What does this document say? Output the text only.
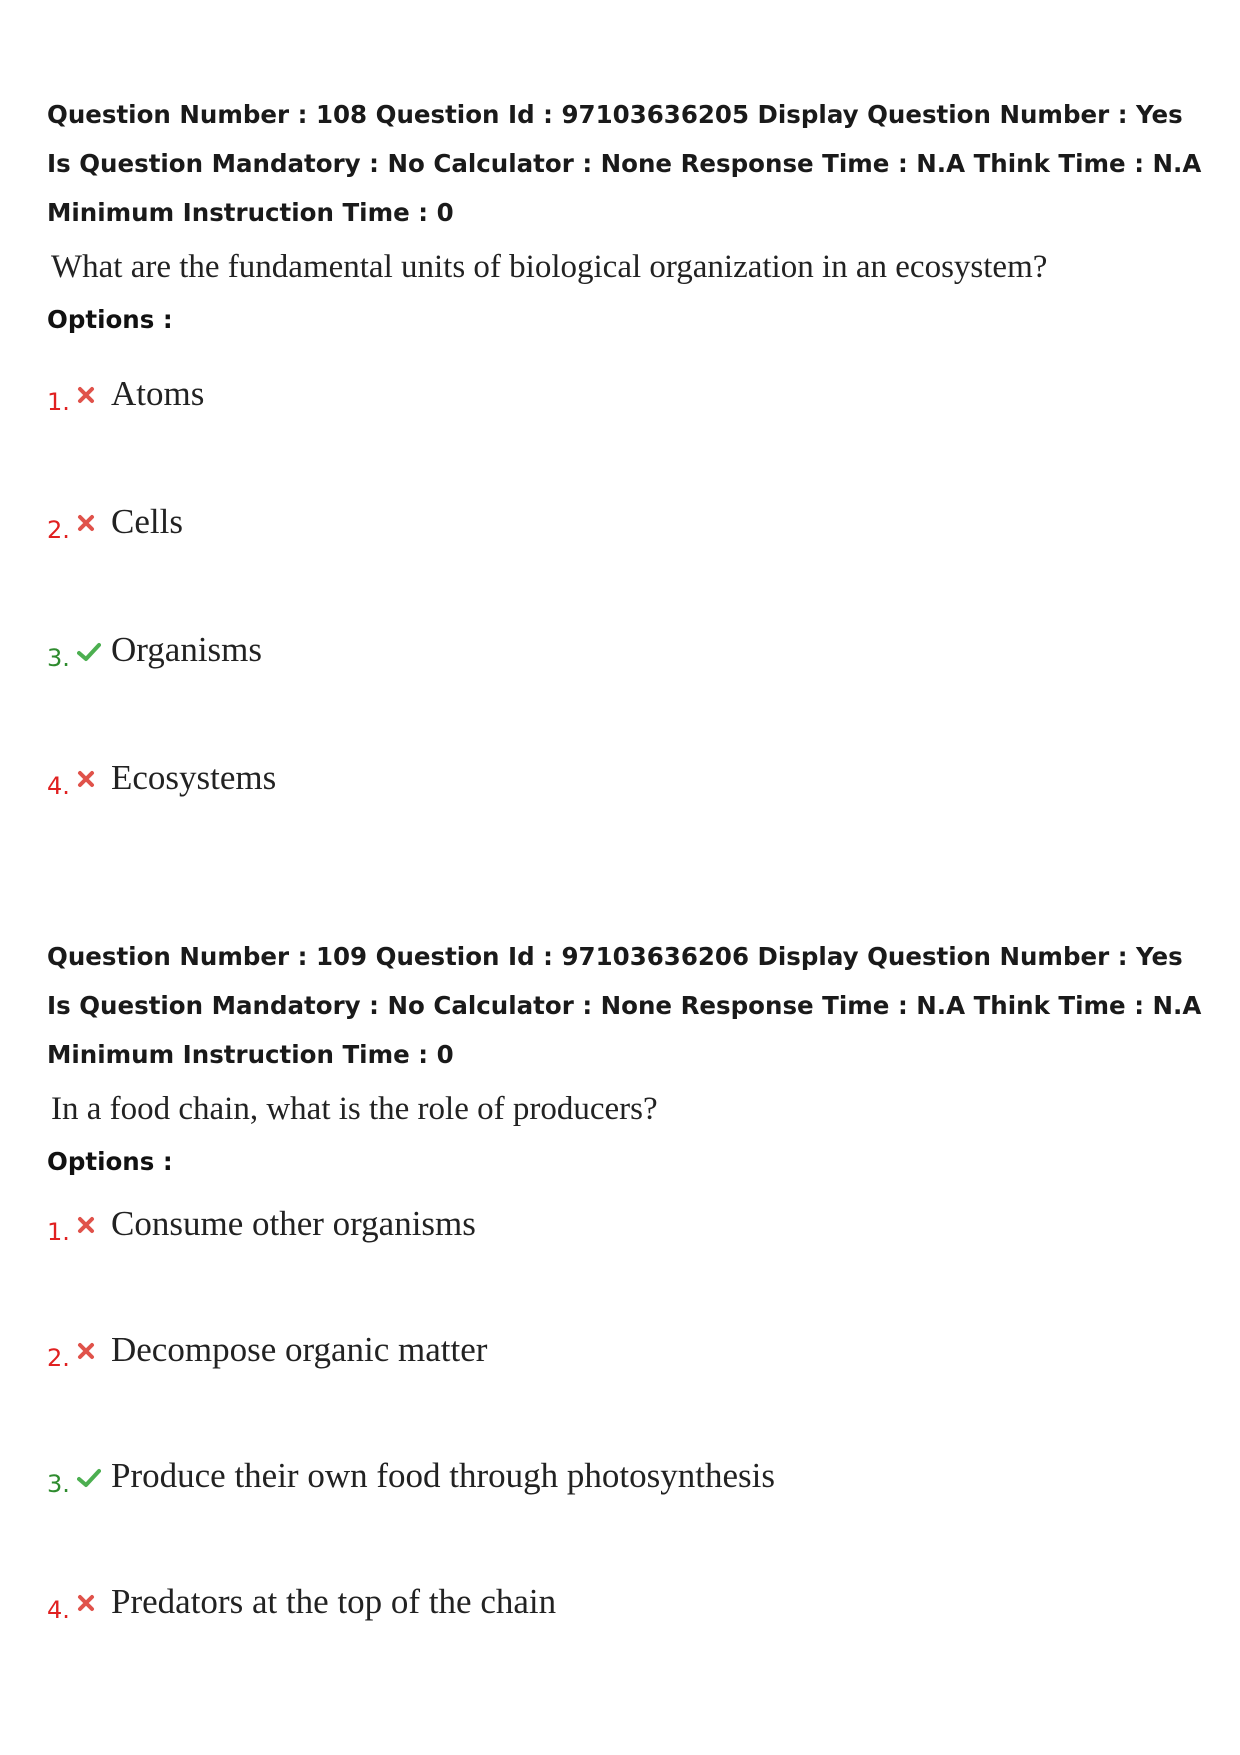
Question Number : 108 Question Id : 97103636205 Display Question Number : Yes Is Question Mandatory : No Calculator : None Response Time : N.A Think Time : N.A Minimum Instruction Time : 0

What are the fundamental units of biological organization in an ecosystem?
Options :
1. Atoms
2. Cells
3. Organisms
4. Ecosystems

Question Number : 109 Question Id : 97103636206 Display Question Number : Yes Is Question Mandatory : No Calculator : None Response Time : N.A Think Time : N.A Minimum Instruction Time : 0

In a food chain, what is the role of producers?
Options :
1. Consume other organisms
2. Decompose organic matter
3. Produce their own food through photosynthesis
4. Predators at the top of the chain
